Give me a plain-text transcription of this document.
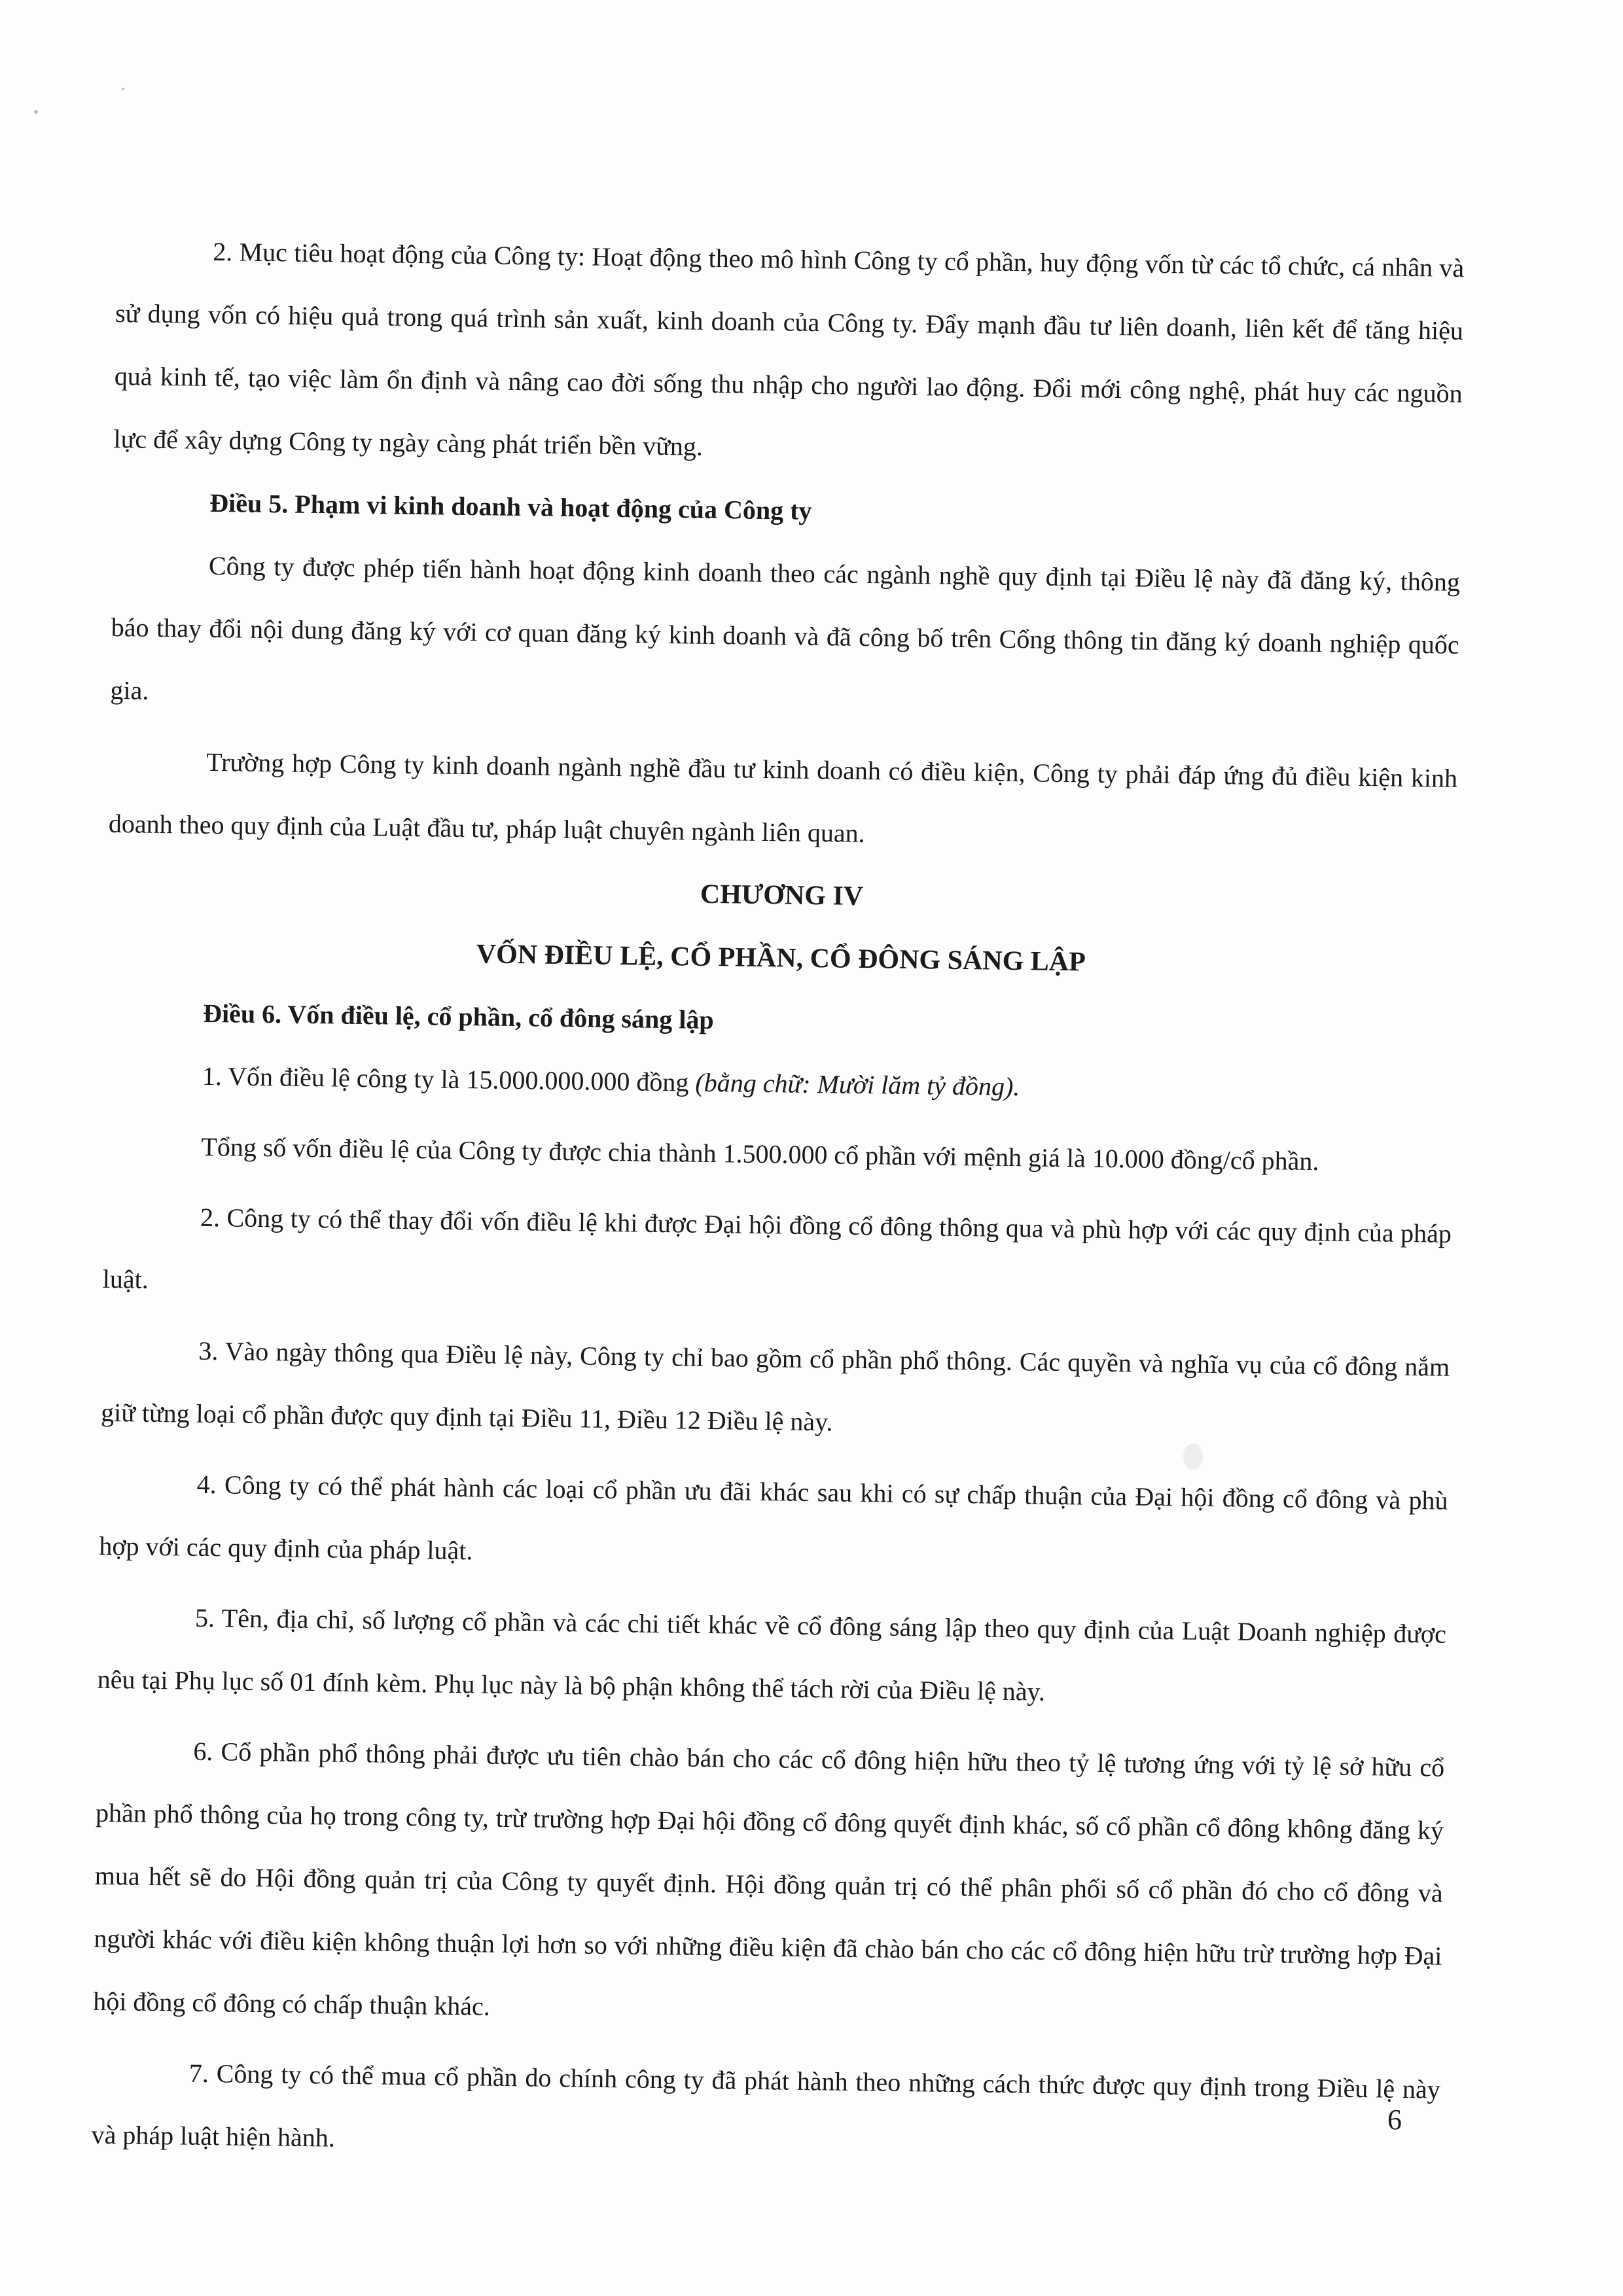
2. Mục tiêu hoạt động của Công ty: Hoạt động theo mô hình Công ty cổ phần, huy động vốn từ các tổ chức, cá nhân và sử dụng vốn có hiệu quả trong quá trình sản xuất, kinh doanh của Công ty. Đẩy mạnh đầu tư liên doanh, liên kết để tăng hiệu quả kinh tế, tạo việc làm ổn định và nâng cao đời sống thu nhập cho người lao động. Đổi mới công nghệ, phát huy các nguồn lực để xây dựng Công ty ngày càng phát triển bền vững.

Điều 5. Phạm vi kinh doanh và hoạt động của Công ty

Công ty được phép tiến hành hoạt động kinh doanh theo các ngành nghề quy định tại Điều lệ này đã đăng ký, thông báo thay đổi nội dung đăng ký với cơ quan đăng ký kinh doanh và đã công bố trên Cổng thông tin đăng ký doanh nghiệp quốc gia.

Trường hợp Công ty kinh doanh ngành nghề đầu tư kinh doanh có điều kiện, Công ty phải đáp ứng đủ điều kiện kinh doanh theo quy định của Luật đầu tư, pháp luật chuyên ngành liên quan.

CHƯƠNG IV

VỐN ĐIỀU LỆ, CỔ PHẦN, CỔ ĐÔNG SÁNG LẬP

Điều 6. Vốn điều lệ, cổ phần, cổ đông sáng lập

1. Vốn điều lệ công ty là 15.000.000.000 đồng (bằng chữ: Mười lăm tỷ đồng).

Tổng số vốn điều lệ của Công ty được chia thành 1.500.000 cổ phần với mệnh giá là 10.000 đồng/cổ phần.

2. Công ty có thể thay đổi vốn điều lệ khi được Đại hội đồng cổ đông thông qua và phù hợp với các quy định của pháp luật.

3. Vào ngày thông qua Điều lệ này, Công ty chỉ bao gồm cổ phần phổ thông. Các quyền và nghĩa vụ của cổ đông nắm giữ từng loại cổ phần được quy định tại Điều 11, Điều 12 Điều lệ này.

4. Công ty có thể phát hành các loại cổ phần ưu đãi khác sau khi có sự chấp thuận của Đại hội đồng cổ đông và phù hợp với các quy định của pháp luật.

5. Tên, địa chỉ, số lượng cổ phần và các chi tiết khác về cổ đông sáng lập theo quy định của Luật Doanh nghiệp được nêu tại Phụ lục số 01 đính kèm. Phụ lục này là bộ phận không thể tách rời của Điều lệ này.

6. Cổ phần phổ thông phải được ưu tiên chào bán cho các cổ đông hiện hữu theo tỷ lệ tương ứng với tỷ lệ sở hữu cổ phần phổ thông của họ trong công ty, trừ trường hợp Đại hội đồng cổ đông quyết định khác, số cổ phần cổ đông không đăng ký mua hết sẽ do Hội đồng quản trị của Công ty quyết định. Hội đồng quản trị có thể phân phối số cổ phần đó cho cổ đông và người khác với điều kiện không thuận lợi hơn so với những điều kiện đã chào bán cho các cổ đông hiện hữu trừ trường hợp Đại hội đồng cổ đông có chấp thuận khác.

7. Công ty có thể mua cổ phần do chính công ty đã phát hành theo những cách thức được quy định trong Điều lệ này và pháp luật hiện hành.

6
